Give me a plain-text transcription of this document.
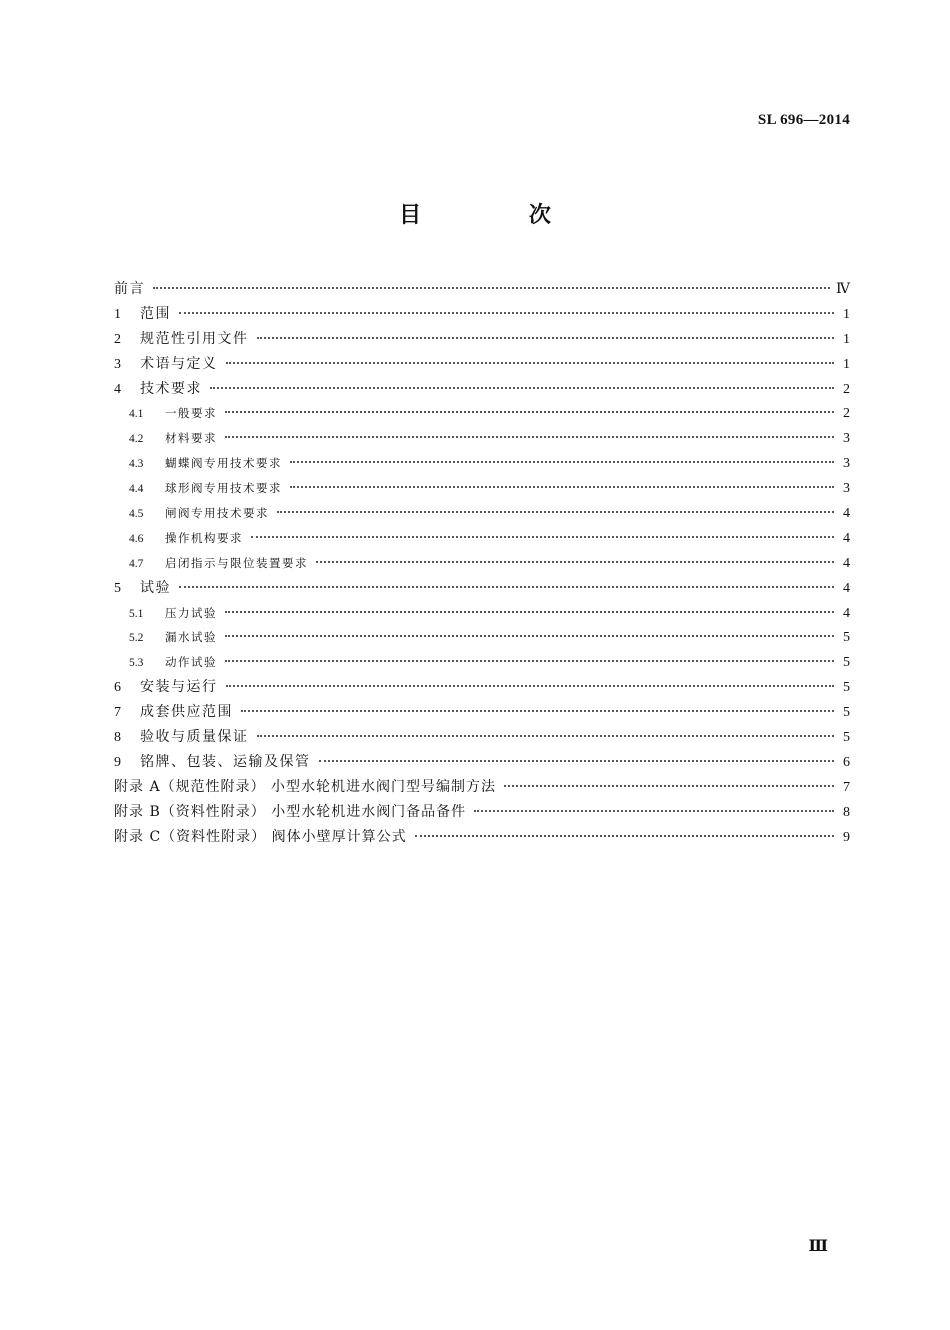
SL 696—2014
目 次
前言	Ⅳ
1	范围	1
2	规范性引用文件	1
3	术语与定义	1
4	技术要求	2
4.1	一般要求	2
4.2	材料要求	3
4.3	蝴蝶阀专用技术要求	3
4.4	球形阀专用技术要求	3
4.5	闸阀专用技术要求	4
4.6	操作机构要求	4
4.7	启闭指示与限位装置要求	4
5	试验	4
5.1	压力试验	4
5.2	漏水试验	5
5.3	动作试验	5
6	安装与运行	5
7	成套供应范围	5
8	验收与质量保证	5
9	铭牌、包装、运输及保管	6
附录 A（规范性附录） 小型水轮机进水阀门型号编制方法	7
附录 B（资料性附录） 小型水轮机进水阀门备品备件	8
附录 C（资料性附录） 阀体小壁厚计算公式	9
Ⅲ
